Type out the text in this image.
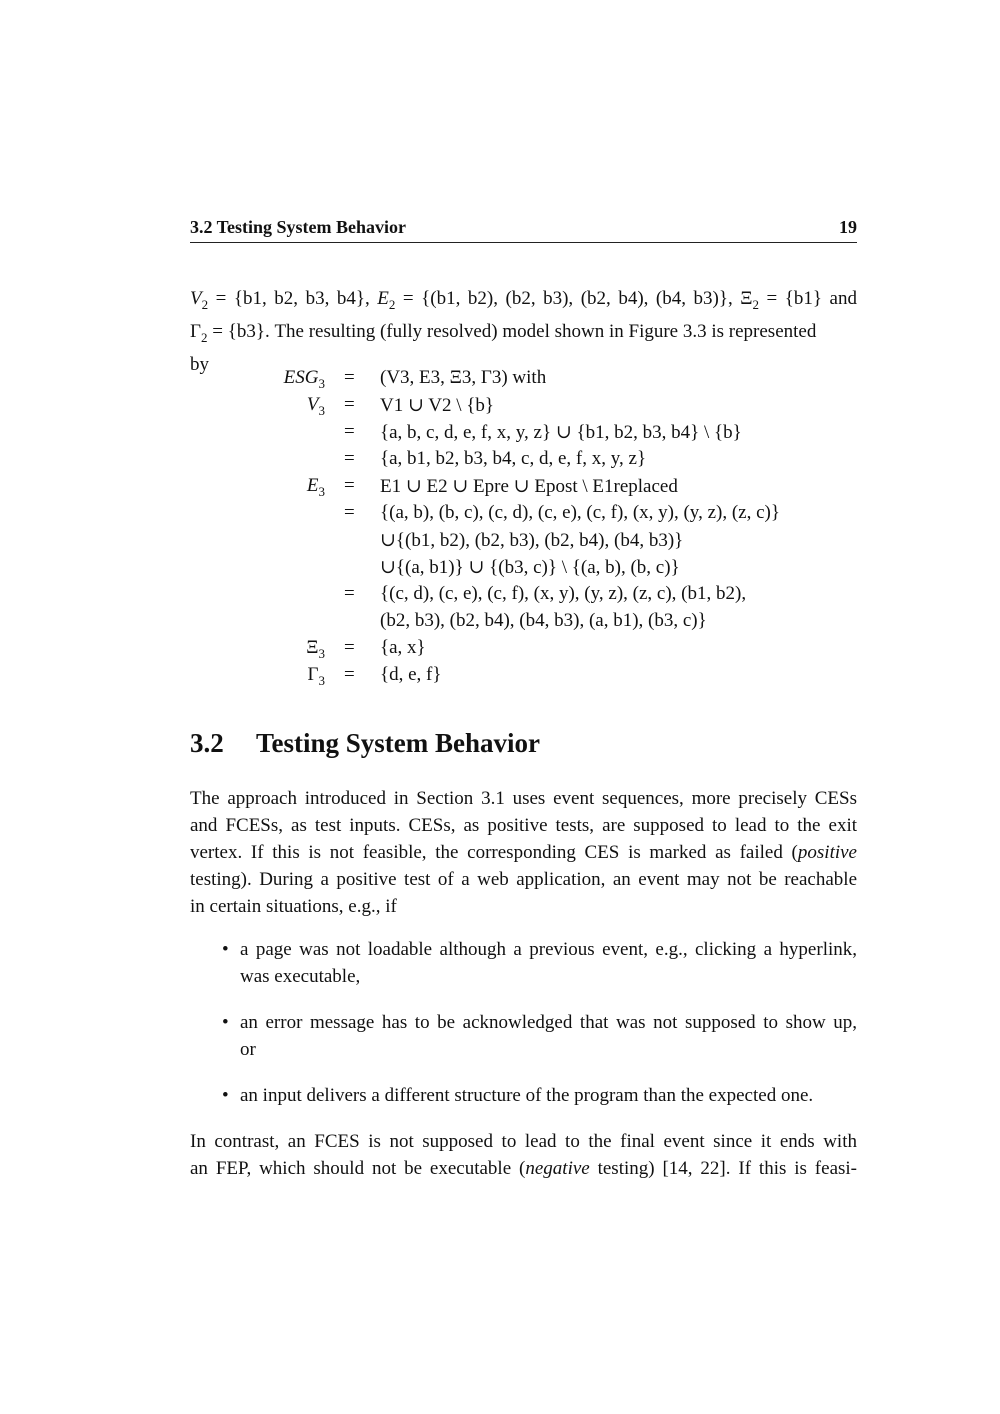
3.2 Testing System Behavior	19
$V_2 = \{b1$, b2, b3, b4}, $E_2 = \{(b1$, b2), (b2, b3), (b2, b4), (b4, b3)}, $\Xi_2 = \{b1\}$ and
$\Gamma_2 = \{b3\}$. The resulting (fully resolved) model shown in Figure 3.3 is represented
by
$ESG_3 = (V3$, E3, Ξ3, Γ3) with
$V_3 = V1$ ∪ V2 \ {b}
= {a, b, c, d, e, f, x, y, z} ∪ {b1, b2, b3, b4} \ {b}
= {a, b1, b2, b3, b4, c, d, e, f, x, y, z}
$E_3 = E1$ ∪ E2 ∪ Epre ∪ Epost \ E1replaced
= {(a, b), (b, c), (c, d), (c, e), (c, f), (x, y), (y, z), (z, c)}
∪{(b1, b2), (b2, b3), (b2, b4), (b4, b3)}
∪{(a, b1)} ∪ {(b3, c)} \ {(a, b), (b, c)}
= {(c, d), (c, e), (c, f), (x, y), (y, z), (z, c), (b1, b2),
(b2, b3), (b2, b4), (b4, b3), (a, b1), (b3, c)}
$\Xi_3 = \{a$, x}
$\Gamma_3 = \{d$, e, f}
3.2 Testing System Behavior
The approach introduced in Section 3.1 uses event sequences, more precisely CESs
and FCESs, as test inputs. CESs, as positive tests, are supposed to lead to the exit
vertex. If this is not feasible, the corresponding CES is marked as failed (positive
testing). During a positive test of a web application, an event may not be reachable
in certain situations, e.g., if
• a page was not loadable although a previous event, e.g., clicking a hyperlink,
was executable,
• an error message has to be acknowledged that was not supposed to show up,
or
• an input delivers a different structure of the program than the expected one.
In contrast, an FCES is not supposed to lead to the final event since it ends with
an FEP, which should not be executable (negative testing) [14, 22]. If this is feasi-
